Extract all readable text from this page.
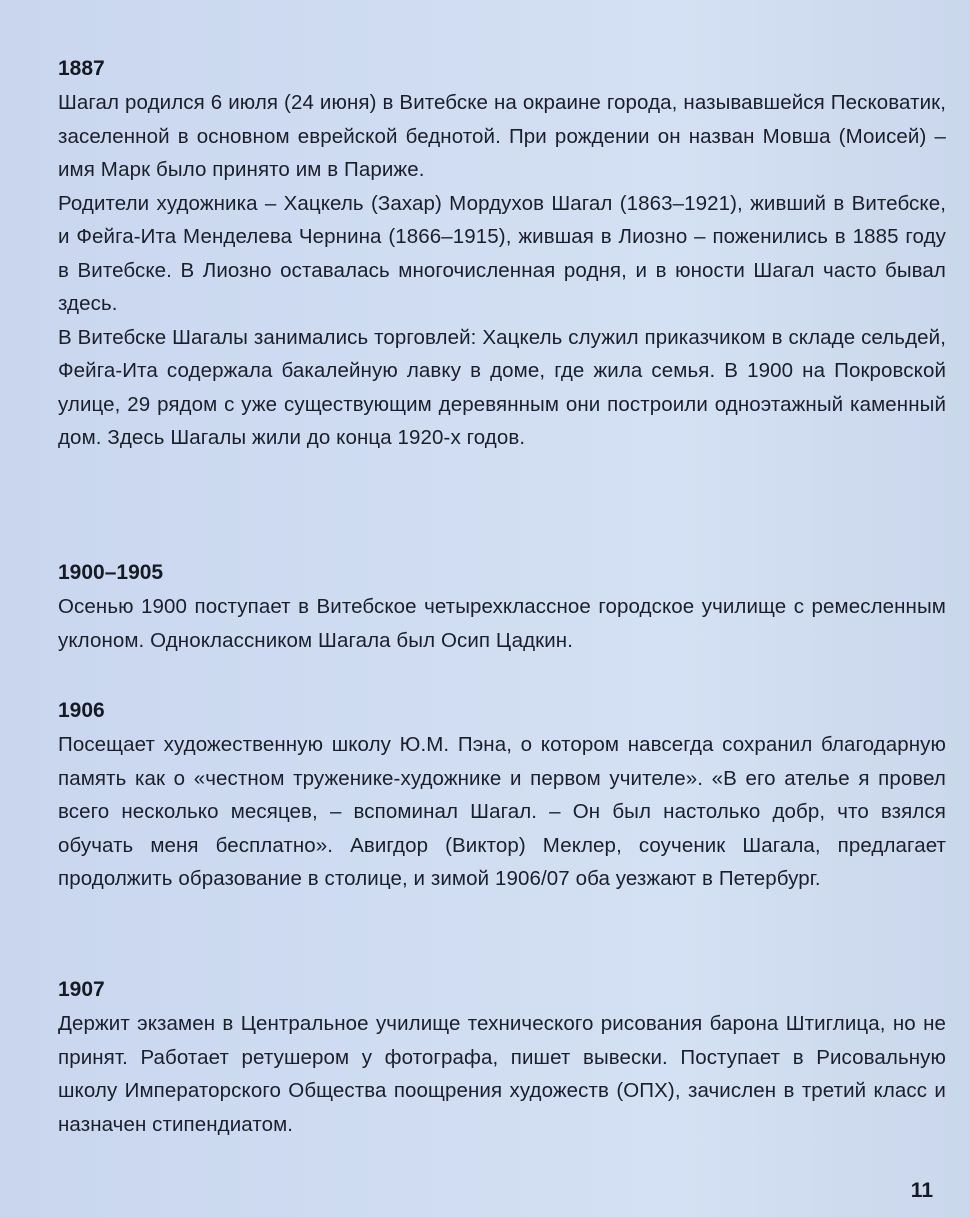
1887

Шагал родился 6 июля (24 июня) в Витебске на окраине города, называвшейся Песковатик, заселенной в основном еврейской беднотой. При рождении он назван Мовша (Моисей) – имя Марк было принято им в Париже.

Родители художника – Хацкель (Захар) Мордухов Шагал (1863–1921), живший в Витебске, и Фейга-Ита Менделева Чернина (1866–1915), жившая в Лиозно – поженились в 1885 году в Витебске. В Лиозно оставалась многочисленная родня, и в юности Шагал часто бывал здесь.

В Витебске Шагалы занимались торговлей: Хацкель служил приказчиком в складе сельдей, Фейга-Ита содержала бакалейную лавку в доме, где жила семья. В 1900 на Покровской улице, 29 рядом с уже существующим деревянным они построили одноэтажный каменный дом. Здесь Шагалы жили до конца 1920-х годов.

1900–1905

Осенью 1900 поступает в Витебское четырехклассное городское училище с ремесленным уклоном. Одноклассником Шагала был Осип Цадкин.

1906

Посещает художественную школу Ю.М. Пэна, о котором навсегда сохранил благодарную память как о «честном труженике-художнике и первом учителе». «В его ателье я провел всего несколько месяцев, – вспоминал Шагал. – Он был настолько добр, что взялся обучать меня бесплатно». Авигдор (Виктор) Меклер, соученик Шагала, предлагает продолжить образование в столице, и зимой 1906/07 оба уезжают в Петербург.

1907

Держит экзамен в Центральное училище технического рисования барона Штиглица, но не принят. Работает ретушером у фотографа, пишет вывески. Поступает в Рисовальную школу Императорского Общества поощрения художеств (ОПХ), зачислен в третий класс и назначен стипендиатом.

11
